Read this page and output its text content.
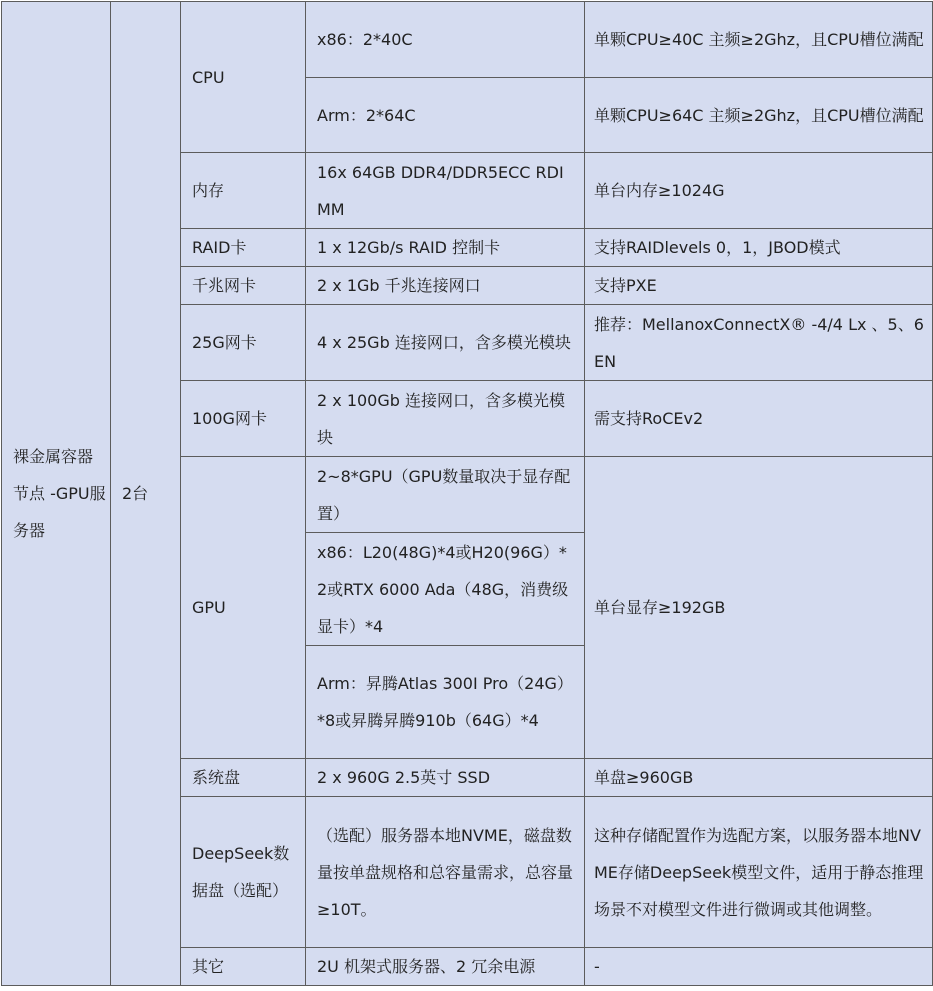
裸金属容器节点 -GPU服务器	2台	CPU	x86：2*40C	单颗CPU≥40C 主频≥2Ghz，且CPU槽位满配
			Arm：2*64C	单颗CPU≥64C 主频≥2Ghz，且CPU槽位满配
		内存	16x 64GB DDR4/DDR5ECC RDIMM	单台内存≥1024G
		RAID卡	1 x 12Gb/s RAID 控制卡	支持RAIDlevels 0，1，JBOD模式
		千兆网卡	2 x 1Gb 千兆连接网口	支持PXE
		25G网卡	4 x 25Gb 连接网口，含多模光模块	推荐：MellanoxConnectX® -4/4 Lx 、5、6 EN
		100G网卡	2 x 100Gb 连接网口，含多模光模块	需支持RoCEv2
		GPU	2~8*GPU（GPU数量取决于显存配置）	单台显存≥192GB
			x86：L20(48G)*4或H20(96G）*2或RTX 6000 Ada（48G，消费级显卡）*4	
			Arm：昇腾Atlas 300I Pro（24G）*8或昇腾昇腾910b（64G）*4	
		系统盘	2 x 960G 2.5英寸 SSD	单盘≥960GB
		DeepSeek数据盘（选配）	（选配）服务器本地NVME，磁盘数量按单盘规格和总容量需求，总容量≥10T。	这种存储配置作为选配方案，以服务器本地NVME存储DeepSeek模型文件，适用于静态推理场景不对模型文件进行微调或其他调整。
		其它	2U 机架式服务器、2 冗余电源	-
